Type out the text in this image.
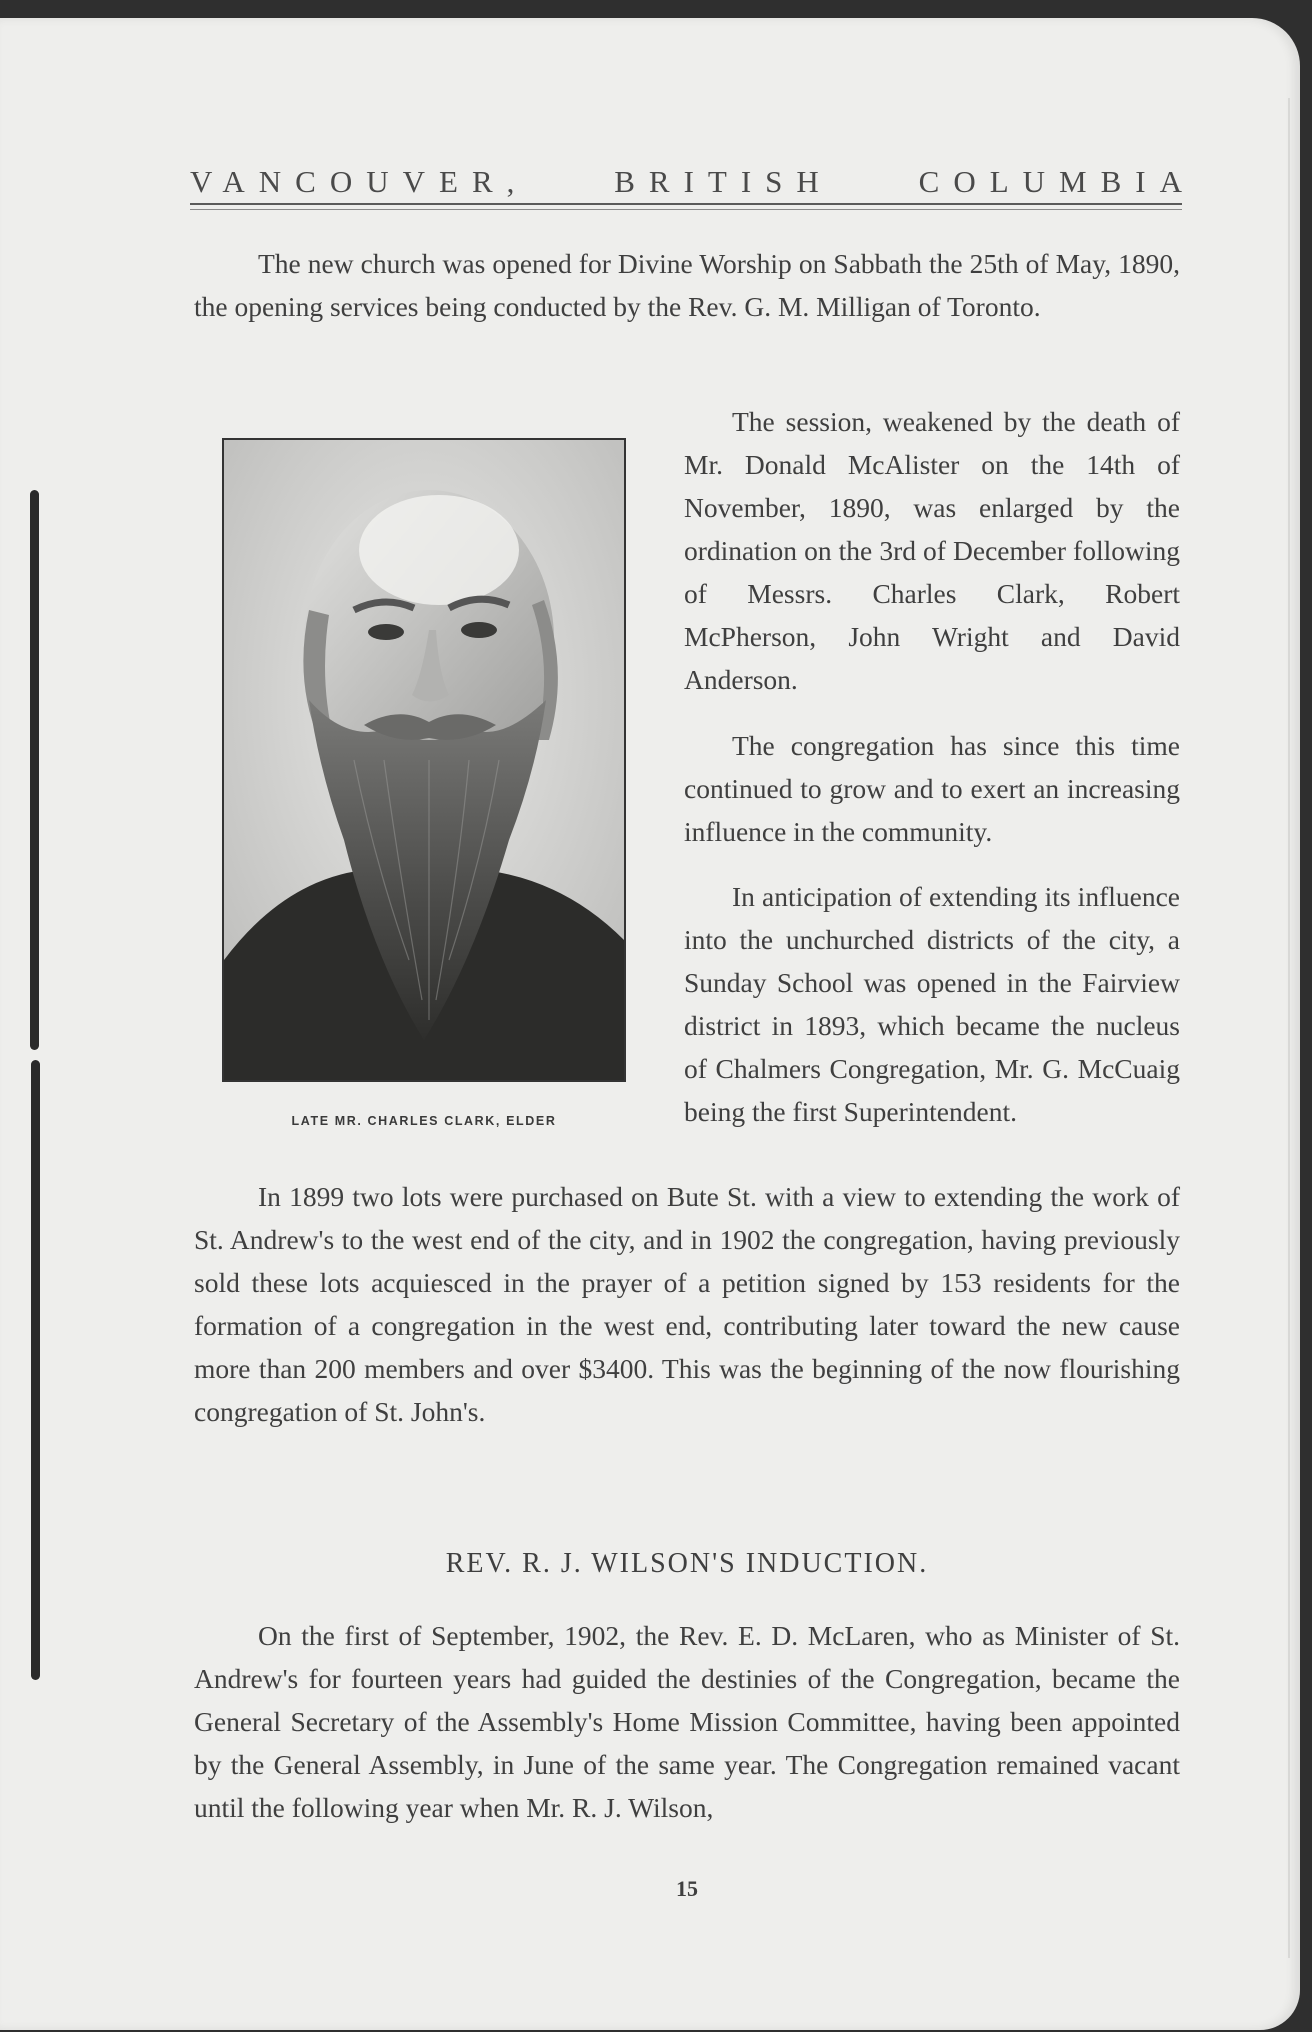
VANCOUVER,	BRITISH	COLUMBIA

The new church was opened for Divine Worship on Sabbath the 25th of May, 1890, the opening services being conducted by the Rev. G. M. Milligan of Toronto.

LATE MR. CHARLES CLARK, ELDER

The session, weakened by the death of Mr. Donald McAlister on the 14th of November, 1890, was enlarged by the ordination on the 3rd of December following of Messrs. Charles Clark, Robert McPherson, John Wright and David Anderson.

The congregation has since this time continued to grow and to exert an increasing influence in the community.

In anticipation of extending its influence into the unchurched districts of the city, a Sunday School was opened in the Fairview district in 1893, which became the nucleus of Chalmers Congregation, Mr. G. McCuaig being the first Superintendent.

In 1899 two lots were purchased on Bute St. with a view to extending the work of St. Andrew's to the west end of the city, and in 1902 the congregation, having previously sold these lots acquiesced in the prayer of a petition signed by 153 residents for the formation of a congregation in the west end, contributing later toward the new cause more than 200 members and over $3400. This was the beginning of the now flourishing congregation of St. John's.

REV. R. J. WILSON'S INDUCTION.

On the first of September, 1902, the Rev. E. D. McLaren, who as Minister of St. Andrew's for fourteen years had guided the destinies of the Congregation, became the General Secretary of the Assembly's Home Mission Committee, having been appointed by the General Assembly, in June of the same year. The Congregation remained vacant until the following year when Mr. R. J. Wilson,

15
